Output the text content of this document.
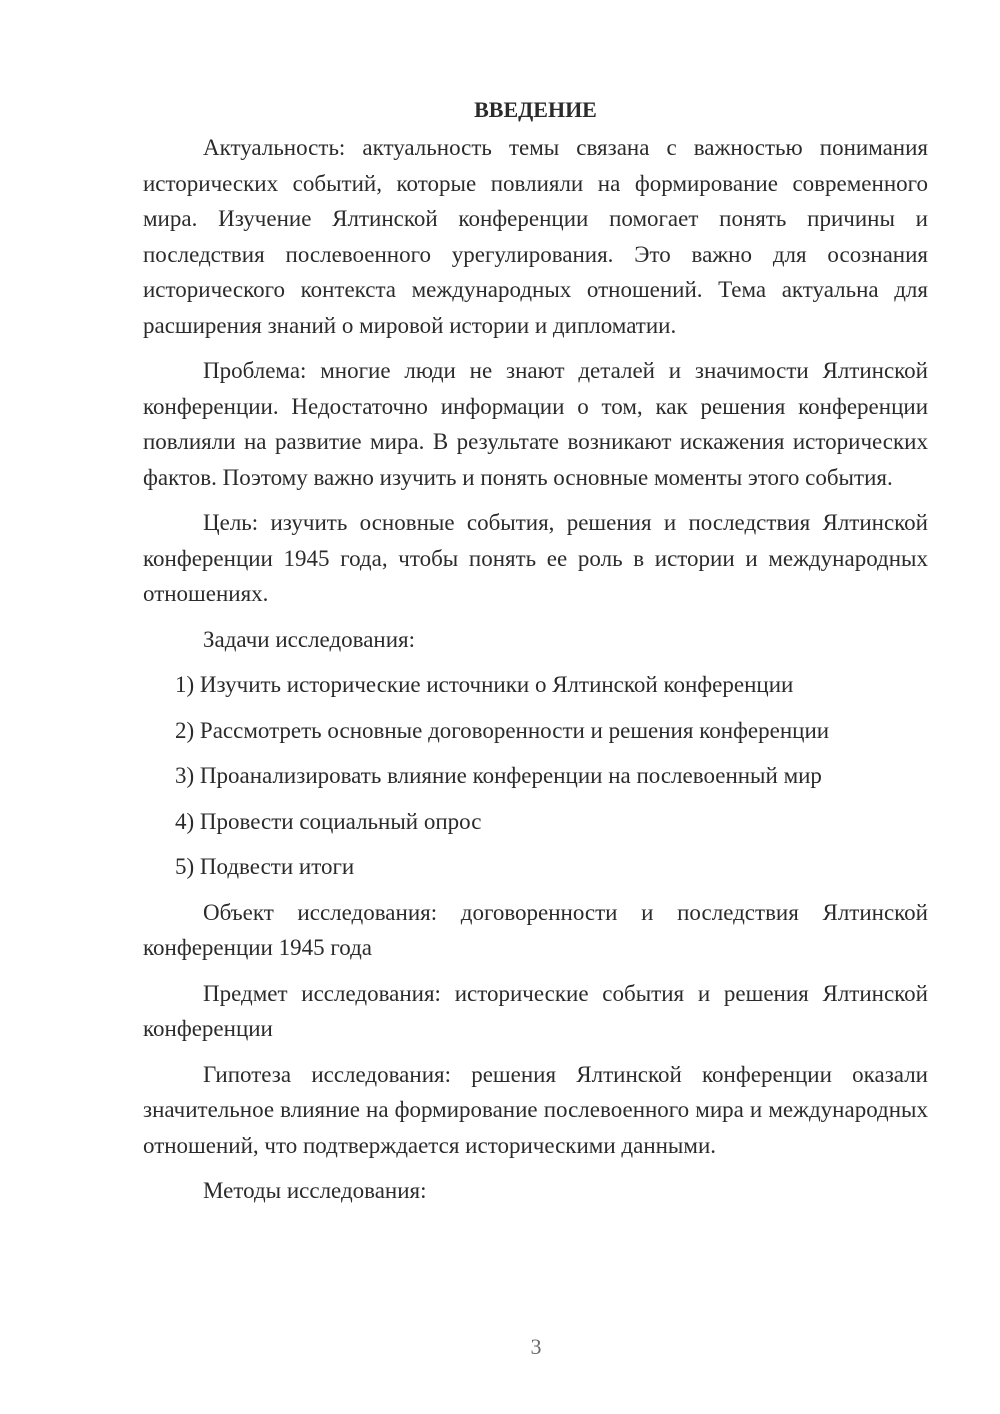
ВВЕДЕНИЕ

Актуальность: актуальность темы связана с важностью понимания исторических событий, которые повлияли на формирование современного мира. Изучение Ялтинской конференции помогает понять причины и последствия послевоенного урегулирования. Это важно для осознания исторического контекста международных отношений. Тема актуальна для расширения знаний о мировой истории и дипломатии.

Проблема: многие люди не знают деталей и значимости Ялтинской конференции. Недостаточно информации о том, как решения конференции повлияли на развитие мира. В результате возникают искажения исторических фактов. Поэтому важно изучить и понять основные моменты этого события.

Цель: изучить основные события, решения и последствия Ялтинской конференции 1945 года, чтобы понять ее роль в истории и международных отношениях.

Задачи исследования:

1) Изучить исторические источники о Ялтинской конференции
2) Рассмотреть основные договоренности и решения конференции
3) Проанализировать влияние конференции на послевоенный мир
4) Провести социальный опрос
5) Подвести итоги

Объект исследования: договоренности и последствия Ялтинской конференции 1945 года

Предмет исследования: исторические события и решения Ялтинской конференции

Гипотеза исследования: решения Ялтинской конференции оказали значительное влияние на формирование послевоенного мира и международных отношений, что подтверждается историческими данными.

Методы исследования:

3
